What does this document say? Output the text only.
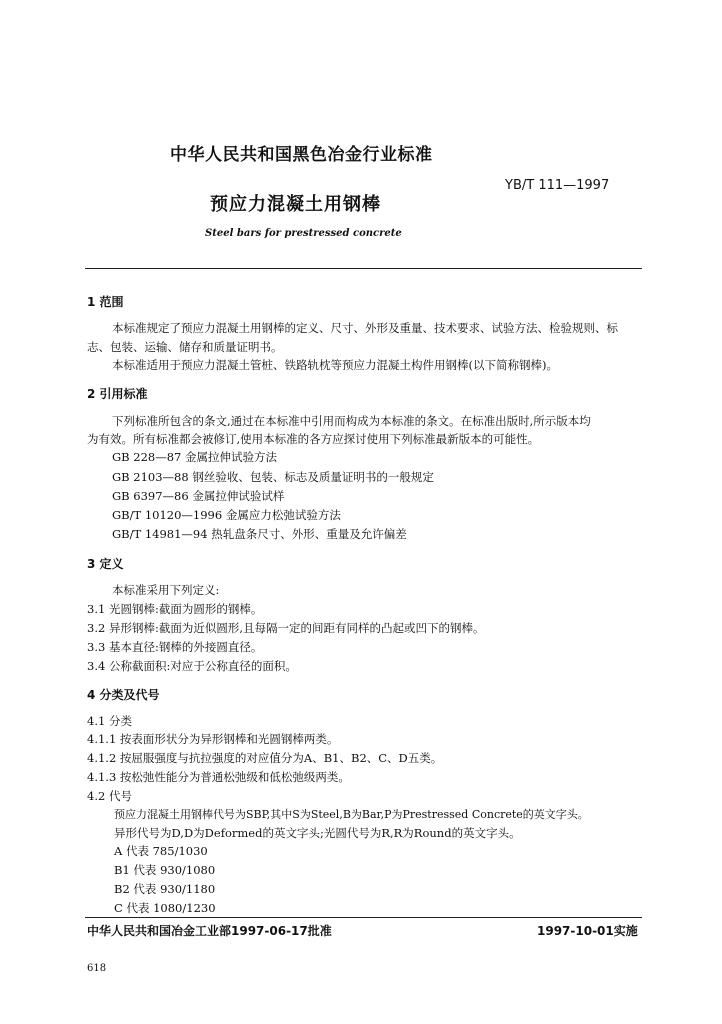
中华人民共和国黑色冶金行业标准
YB/T 111—1997
预应力混凝土用钢棒
Steel bars for prestressed concrete
1 范围
本标准规定了预应力混凝土用钢棒的定义、尺寸、外形及重量、技术要求、试验方法、检验规则、标
志、包装、运输、储存和质量证明书。
本标准适用于预应力混凝土管桩、铁路轨枕等预应力混凝土构件用钢棒(以下简称钢棒)。
2 引用标准
下列标准所包含的条文,通过在本标准中引用而构成为本标准的条文。在标准出版时,所示版本均
为有效。所有标准都会被修订,使用本标准的各方应探讨使用下列标准最新版本的可能性。
GB 228—87 金属拉伸试验方法
GB 2103—88 钢丝验收、包装、标志及质量证明书的一般规定
GB 6397—86 金属拉伸试验试样
GB/T 10120—1996 金属应力松弛试验方法
GB/T 14981—94 热轧盘条尺寸、外形、重量及允许偏差
3 定义
本标准采用下列定义:
3.1 光圆钢棒:截面为圆形的钢棒。
3.2 异形钢棒:截面为近似圆形,且每隔一定的间距有同样的凸起或凹下的钢棒。
3.3 基本直径:钢棒的外接圆直径。
3.4 公称截面积:对应于公称直径的面积。
4 分类及代号
4.1 分类
4.1.1 按表面形状分为异形钢棒和光圆钢棒两类。
4.1.2 按屈服强度与抗拉强度的对应值分为A、B1、B2、C、D五类。
4.1.3 按松弛性能分为普通松弛级和低松弛级两类。
4.2 代号
预应力混凝土用钢棒代号为SBP,其中S为Steel,B为Bar,P为Prestressed Concrete的英文字头。
异形代号为D,D为Deformed的英文字头;光圆代号为R,R为Round的英文字头。
A 代表 785/1030
B1 代表 930/1080
B2 代表 930/1180
C 代表 1080/1230
中华人民共和国冶金工业部1997-06-17批准	1997-10-01实施
618
